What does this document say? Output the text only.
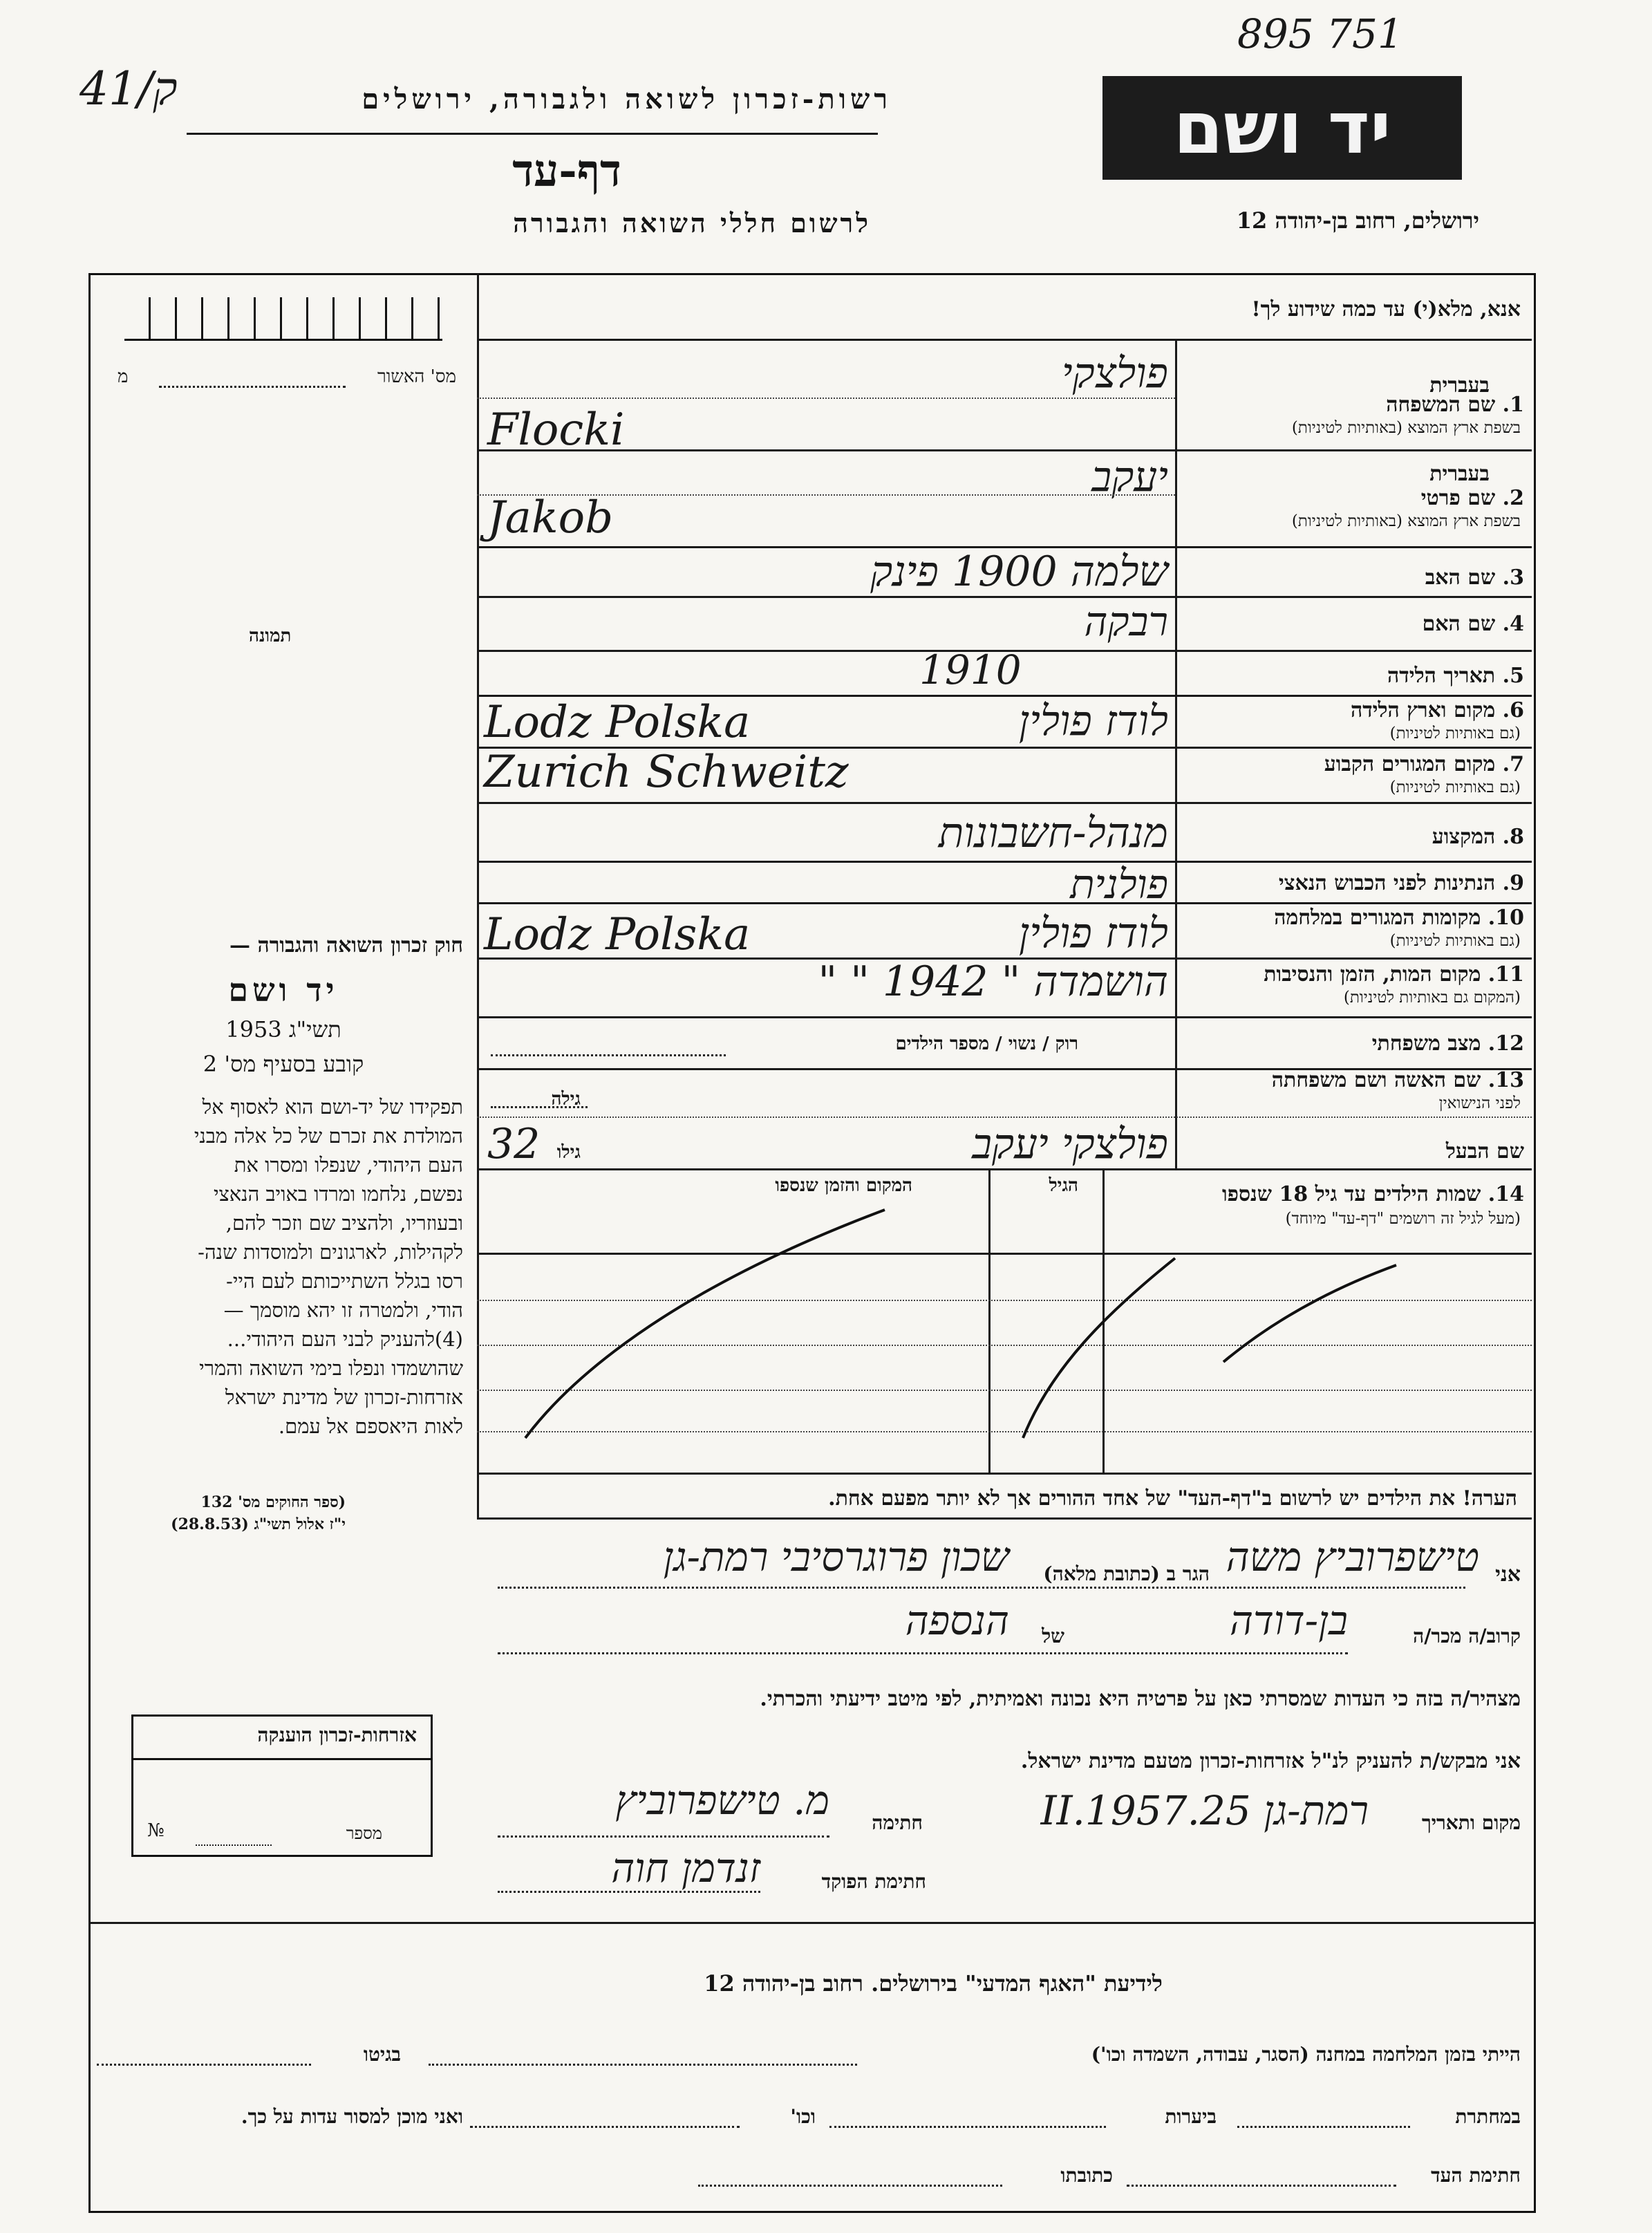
895 751
41/ק	רשות-זכרון לשואה ולגבורה, ירושלים	יד ושם
דף-עד
לרשום חללי השואה והגבורה	ירושלים, רחוב בן-יהודה 12
מס' האשור
מ
תמונה
חוק זכרון השואה והגבורה —
יד ושם
תשי"ג 1953
קובע בסעיף מס' 2
תפקידו של יד-ושם הוא לאסוף אל
המולדת את זכרם של כל אלה מבני
העם היהודי, שנפלו ומסרו את
נפשם, נלחמו ומרדו באויב הנאצי
ובעוזריו, ולהציב שם וזכר להם,
לקהילות, לארגונים ולמוסדות שנה-
רסו בגלל השתייכותם לעם היי-
הודי, ולמטרה זו יהא מוסמך —
(4)להעניק לבני העם היהודי...
שהושמדו ונפלו בימי השואה והמרי
אזרחות-זכרון של מדינת ישראל
לאות היאספם אל עמם.
(ספר החוקים מס' 132
י"ז אלול תשי"ג (28.8.53)
אזרחות-זכרון הוענקה
מספר
№
אנא, מלא(י) עד כמה שידוע לך!
בעברית
1. שם המשפחה
בשפת ארץ המוצא (באותיות לטיניות)
פולצקי
Flocki
בעברית
2. שם פרטי
בשפת ארץ המוצא (באותיות לטיניות)
יעקב
Jakob
3. שם האב
שלמה 1900 פינק
4. שם האם
רבקה
5. תאריך הלידה
1910
6. מקום וארץ הלידה
(גם באותיות לטיניות)
לודז פולין
Lodz Polska
7. מקום המגורים הקבוע
(גם באותיות לטיניות)
Zurich Schweitz
8. המקצוע
מנהל-חשבונות
9. הנתינות לפני הכבוש הנאצי
פולנית
10. מקומות המגורים במלחמה
(גם באותיות לטיניות)
לודז פולין
Lodz Polska
11. מקום המות, הזמן והנסיבות
(המקום גם באותיות לטיניות)
הושמדה " 1942 " "
12. מצב משפחתי
רוק / נשוי / מספר הילדים
13. שם האשה ושם משפחתה
לפני הנישואין
גילה
שם הבעל
פולצקי יעקב
גילו
32
14. שמות הילדים עד גיל 18 שנספו
(מעל לגיל זה רושמים "דף-עד" מיוחד)
הגיל
המקום והזמן שנספו
הערה! את הילדים יש לרשום ב"דף-העד" של אחד ההורים אך לא יותר מפעם אחת.
אני
טישפרוביץ משה
הגר ב (כתובת מלאה)
שכון פרוגרסיבי רמת-גן
קרוב/ה מכר/ה
בן-דודה
של
הנספה
מצהיר/ה בזה כי העדות שמסרתי כאן על פרטיה היא נכונה ואמיתית, לפי מיטב ידיעתי והכרתי.
אני מבקש/ת להעניק לנ"ל אזרחות-זכרון מטעם מדינת ישראל.
מקום ותאריך
רמת-גן 25.II.1957
חתימה
מ. טישפרוביץ
חתימת הפוקד
זנדמן חוה
לידיעת "האגף המדעי" בירושלים. רחוב בן-יהודה 12
הייתי בזמן המלחמה במחנה (הסגר, עבודה, השמדה וכו')
בגיטו
במחתרת
ביערות
וכו'
ואני מוכן למסור עדות על כך.
חתימת העד
כתובתו
